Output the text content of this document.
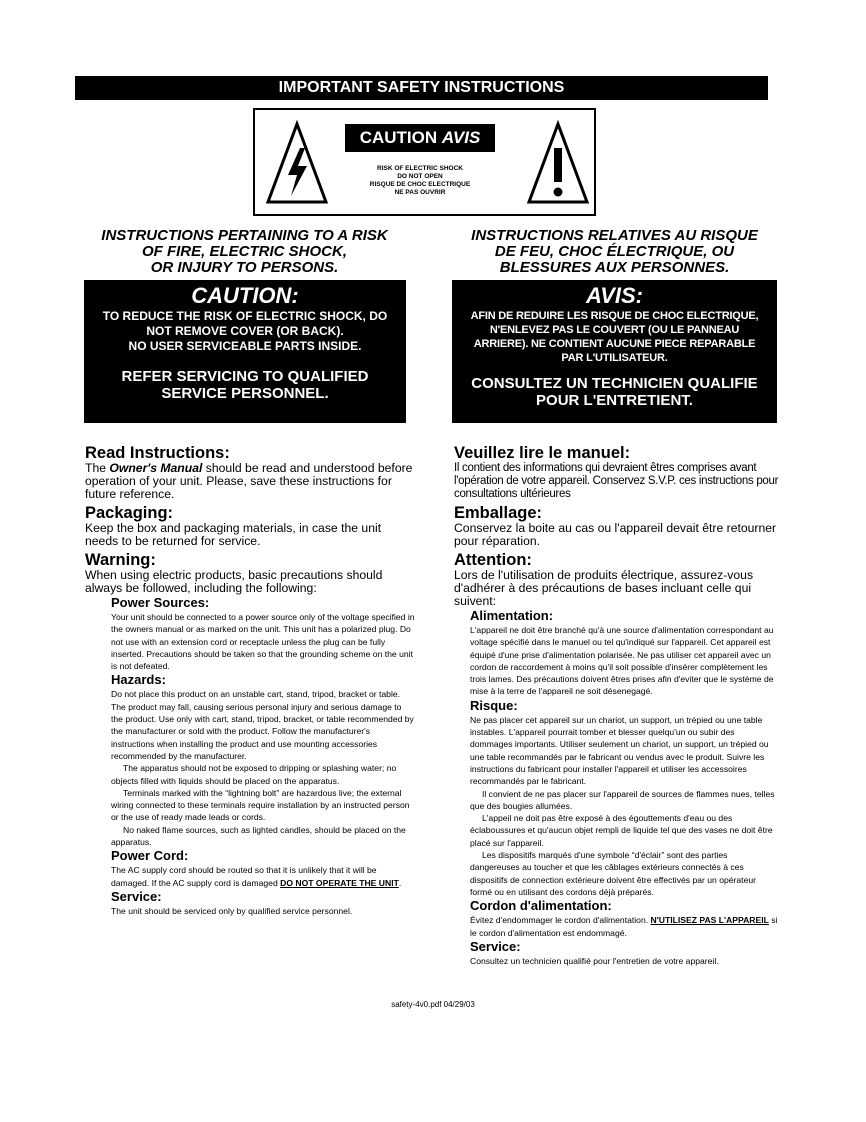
IMPORTANT SAFETY INSTRUCTIONS
CAUTION AVIS
RISK OF ELECTRIC SHOCK
DO NOT OPEN
RISQUE DE CHOC ELECTRIQUE
NE PAS OUVRIR
INSTRUCTIONS PERTAINING TO A RISK
OF FIRE, ELECTRIC SHOCK,
OR INJURY TO PERSONS.
INSTRUCTIONS RELATIVES AU RISQUE
DE FEU, CHOC ÉLECTRIQUE, OU
BLESSURES AUX PERSONNES.
CAUTION:
TO REDUCE THE RISK OF ELECTRIC SHOCK, DO
NOT REMOVE COVER (OR BACK).
NO USER SERVICEABLE PARTS INSIDE.
REFER SERVICING TO QUALIFIED
SERVICE PERSONNEL.
AVIS:
AFIN DE REDUIRE LES RISQUE DE CHOC ELECTRIQUE,
N'ENLEVEZ PAS LE COUVERT (OU LE PANNEAU
ARRIERE). NE CONTIENT AUCUNE PIECE REPARABLE
PAR L'UTILISATEUR.
CONSULTEZ UN TECHNICIEN QUALIFIE
POUR L'ENTRETIENT.
Read Instructions:
The Owner's Manual should be read and understood before operation of your unit. Please, save these instructions for future reference.
Packaging:
Keep the box and packaging materials, in case the unit needs to be returned for service.
Warning:
When using electric products, basic precautions should always be followed, including the following:
Power Sources:
Your unit should be connected to a power source only of the voltage specified in the owners manual or as marked on the unit. This unit has a polarized plug. Do not use with an extension cord or receptacle unless the plug can be fully inserted. Precautions should be taken so that the grounding scheme on the unit is not defeated.
Hazards:
Do not place this product on an unstable cart, stand, tripod, bracket or table. The product may fall, causing serious personal injury and serious damage to the product. Use only with cart, stand, tripod, bracket, or table recommended by the manufacturer or sold with the product. Follow the manufacturer's instructions when installing the product and use mounting accessories recommended by the manufacturer.
The apparatus should not be exposed to dripping or splashing water; no objects filled with liquids should be placed on the apparatus.
Terminals marked with the “lightning bolt” are hazardous live; the external wiring connected to these terminals require installation by an instructed person or the use of ready made leads or cords.
No naked flame sources, such as lighted candles, should be placed on the apparatus.
Power Cord:
The AC supply cord should be routed so that it is unlikely that it will be damaged. If the AC supply cord is damaged DO NOT OPERATE THE UNIT.
Service:
The unit should be serviced only by qualified service personnel.
Veuillez lire le manuel:
Il contient des informations qui devraient êtres comprises avant l'opération de votre appareil. Conservez S.V.P. ces instructions pour consultations ultérieures
Emballage:
Conservez la boite au cas ou l'appareil devait être retourner pour réparation.
Attention:
Lors de l'utilisation de produits électrique, assurez-vous d'adhérer à des précautions de bases incluant celle qui suivent:
Alimentation:
L'appareil ne doit être branché qu'à une source d'alimentation correspondant au voltage spécifié dans le manuel ou tel qu'indiqué sur l'appareil. Cet appareil est équipé d'une prise d'alimentation polarisée. Ne pas utiliser cet appareil avec un cordon de raccordement à moins qu'il soit possible d'insérer complètement les trois lames. Des précautions doivent êtres prises afin d'eviter que le système de mise à la terre de l'appareil ne soit désenegagé.
Risque:
Ne pas placer cet appareil sur un chariot, un support, un trépied ou une table instables. L'appareil pourrait tomber et blesser quelqu'un ou subir des dommages importants. Utiliser seulement un chariot, un support, un trépied ou une table recommandés par le fabricant ou vendus avec le produit. Suivre les instructions du fabricant pour installer l'appareil et utiliser les accessoires recommandés par le fabricant.
Il convient de ne pas placer sur l'appareil de sources de flammes nues, telles que des bougies allumées.
L'appeil ne doit pas être exposé à des égouttements d'eau ou des éclaboussures et qu'aucun objet rempli de liquide tel que des vases ne doit être placé sur l'appareil.
Les dispositifs marqués d'une symbole “d'éclair” sont des parties dangereuses au toucher et que les câblages extérieurs connectés à ces dispositifs de connection extérieure doivent être effectivés par un opérateur formé ou en utilisant des cordons déjà préparés.
Cordon d'alimentation:
Évitez d'endommager le cordon d'alimentation. N'UTILISEZ PAS L'APPAREIL si le cordon d'alimentation est endommagé.
Service:
Consultez un technicien qualifié pour l'entretien de votre appareil.
safety-4v0.pdf 04/29/03
